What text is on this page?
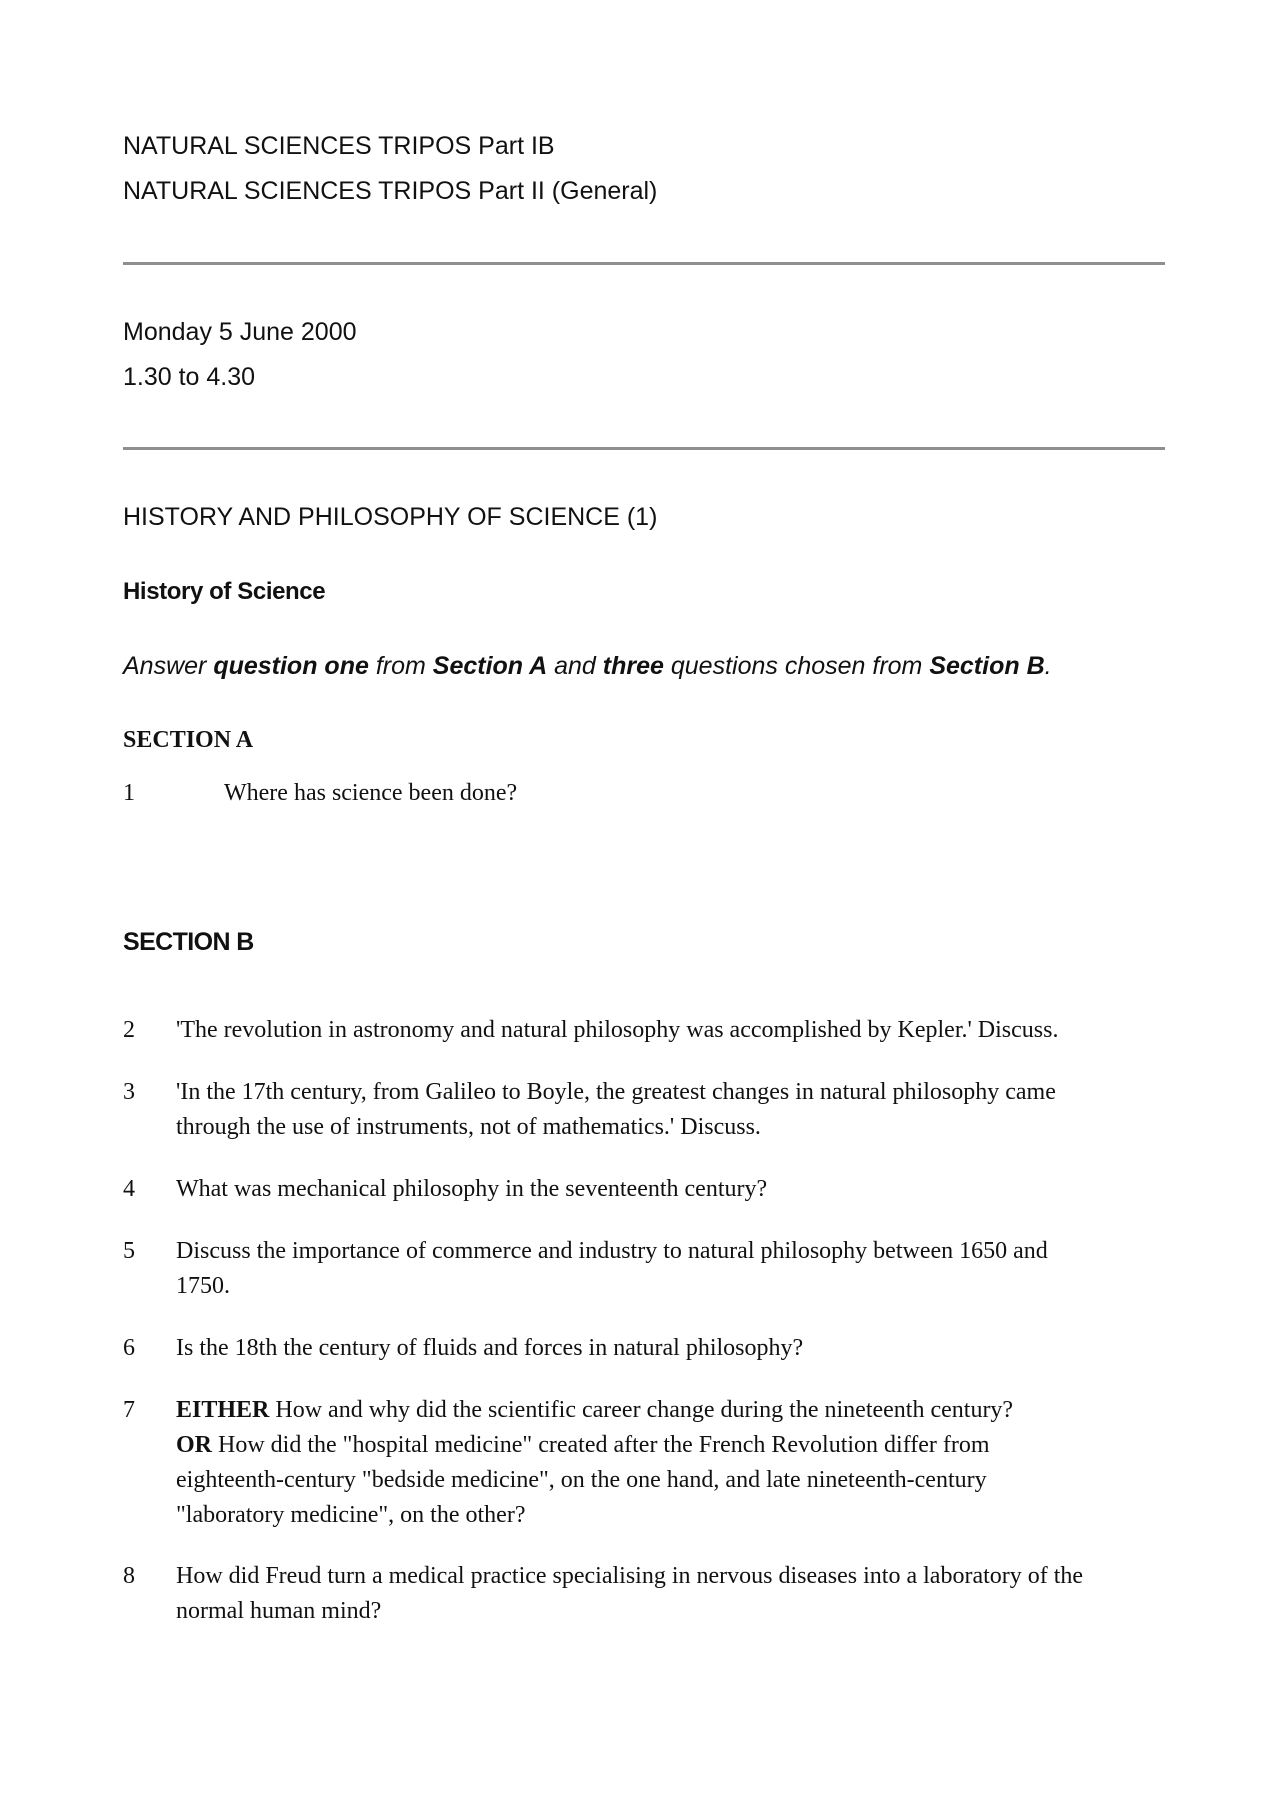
NATURAL SCIENCES TRIPOS Part IB
NATURAL SCIENCES TRIPOS Part II (General)
Monday 5 June 2000
1.30 to 4.30
HISTORY AND PHILOSOPHY OF SCIENCE (1)
History of Science
Answer question one from Section A and three questions chosen from Section B.
SECTION A
1	Where has science been done?
SECTION B
2 'The revolution in astronomy and natural philosophy was accomplished by Kepler.' Discuss.
3 'In the 17th century, from Galileo to Boyle, the greatest changes in natural philosophy came
through the use of instruments, not of mathematics.' Discuss.
4 What was mechanical philosophy in the seventeenth century?
5 Discuss the importance of commerce and industry to natural philosophy between 1650 and
1750.
6 Is the 18th the century of fluids and forces in natural philosophy?
7 EITHER How and why did the scientific career change during the nineteenth century?
OR How did the "hospital medicine" created after the French Revolution differ from
eighteenth-century "bedside medicine", on the one hand, and late nineteenth-century
"laboratory medicine", on the other?
8 How did Freud turn a medical practice specialising in nervous diseases into a laboratory of the
normal human mind?
